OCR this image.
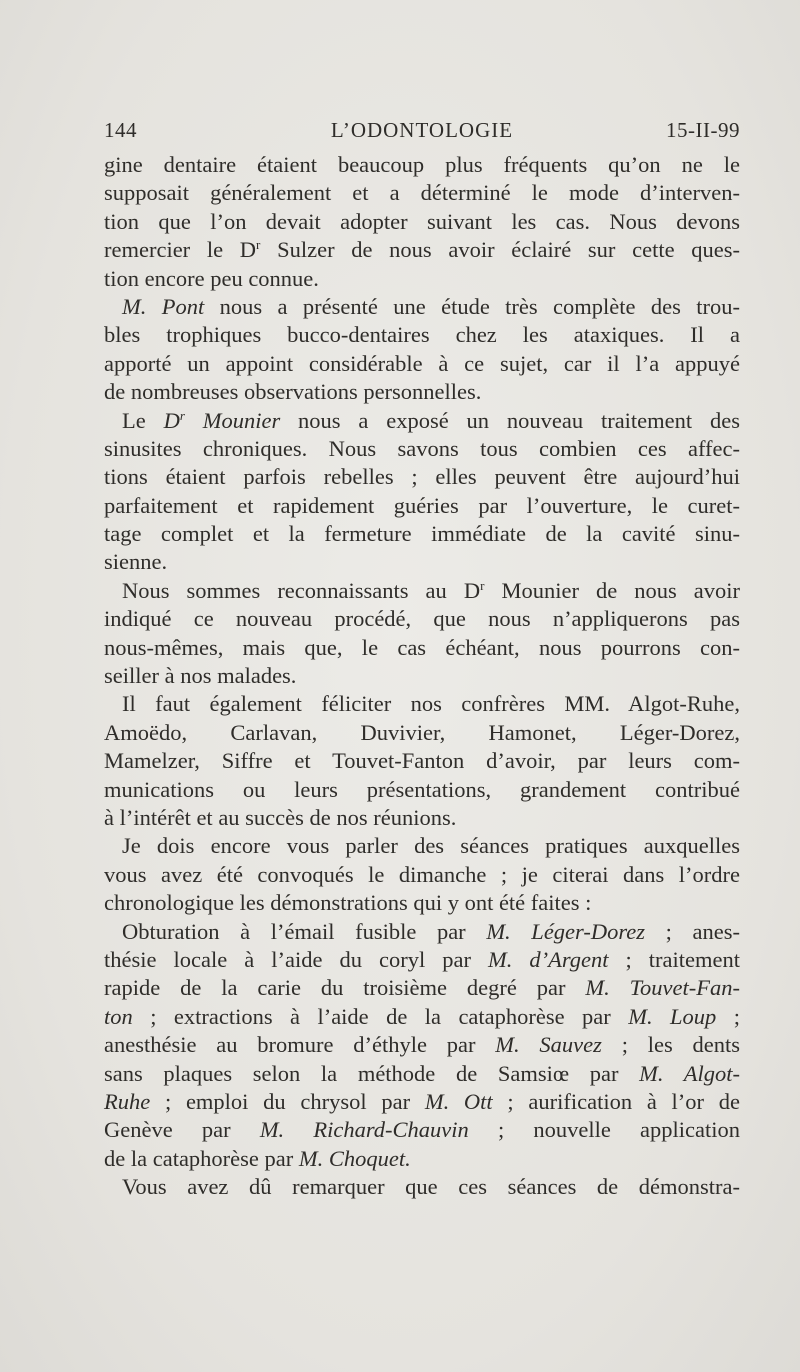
144	L’ODONTOLOGIE	15-II-99
gine dentaire étaient beaucoup plus fréquents qu’on ne le
supposait généralement et a déterminé le mode d’interven-
tion que l’on devait adopter suivant les cas. Nous devons
remercier le $D^r$ Sulzer de nous avoir éclairé sur cette ques-
tion encore peu connue.
M. Pont nous a présenté une étude très complète des trou-
bles trophiques bucco-dentaires chez les ataxiques. Il a
apporté un appoint considérable à ce sujet, car il l’a appuyé
de nombreuses observations personnelles.
Le $D^r$ Mounier nous a exposé un nouveau traitement des
sinusites chroniques. Nous savons tous combien ces affec-
tions étaient parfois rebelles ; elles peuvent être aujourd’hui
parfaitement et rapidement guéries par l’ouverture, le curet-
tage complet et la fermeture immédiate de la cavité sinu-
sienne.
Nous sommes reconnaissants au $D^r$ Mounier de nous avoir
indiqué ce nouveau procédé, que nous n’appliquerons pas
nous-mêmes, mais que, le cas échéant, nous pourrons con-
seiller à nos malades.
Il faut également féliciter nos confrères MM. Algot-Ruhe,
Amoëdo, Carlavan, Duvivier, Hamonet, Léger-Dorez,
Mamelzer, Siffre et Touvet-Fanton d’avoir, par leurs com-
munications ou leurs présentations, grandement contribué
à l’intérêt et au succès de nos réunions.
Je dois encore vous parler des séances pratiques auxquelles
vous avez été convoqués le dimanche ; je citerai dans l’ordre
chronologique les démonstrations qui y ont été faites :
Obturation à l’émail fusible par M. Léger-Dorez ; anes-
thésie locale à l’aide du coryl par M. d’Argent ; traitement
rapide de la carie du troisième degré par M. Touvet-Fan-
ton ; extractions à l’aide de la cataphorèse par M. Loup ;
anesthésie au bromure d’éthyle par M. Sauvez ; les dents
sans plaques selon la méthode de Samsiœ par M. Algot-
Ruhe ; emploi du chrysol par M. Ott ; aurification à l’or de
Genève par M. Richard-Chauvin ; nouvelle application
de la cataphorèse par M. Choquet.
Vous avez dû remarquer que ces séances de démonstra-
